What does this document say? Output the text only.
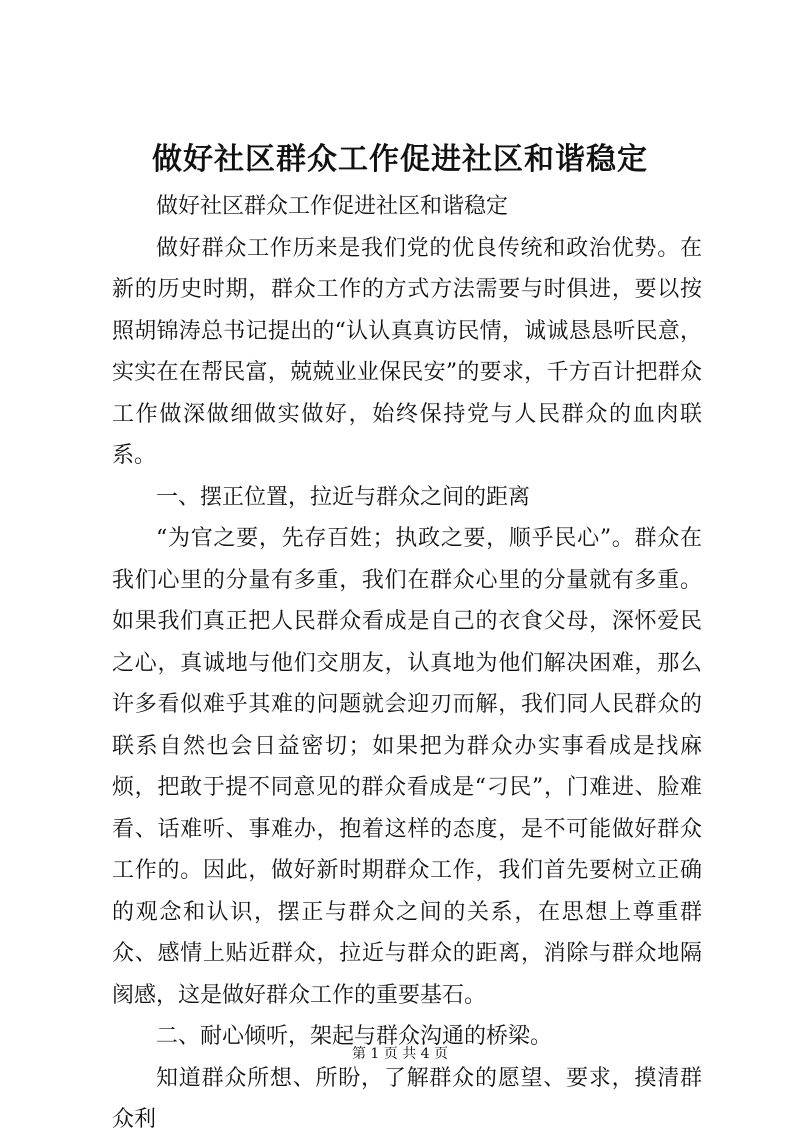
做好社区群众工作促进社区和谐稳定

做好社区群众工作促进社区和谐稳定

做好群众工作历来是我们党的优良传统和政治优势。在新的历史时期，群众工作的方式方法需要与时俱进，要以按照胡锦涛总书记提出的“认认真真访民情，诚诚恳恳听民意，实实在在帮民富，兢兢业业保民安”的要求，千方百计把群众工作做深做细做实做好，始终保持党与人民群众的血肉联系。

一、摆正位置，拉近与群众之间的距离

“为官之要，先存百姓；执政之要，顺乎民心”。群众在我们心里的分量有多重，我们在群众心里的分量就有多重。如果我们真正把人民群众看成是自己的衣食父母，深怀爱民之心，真诚地与他们交朋友，认真地为他们解决困难，那么许多看似难乎其难的问题就会迎刃而解，我们同人民群众的联系自然也会日益密切；如果把为群众办实事看成是找麻烦，把敢于提不同意见的群众看成是“刁民”，门难进、脸难看、话难听、事难办，抱着这样的态度，是不可能做好群众工作的。因此，做好新时期群众工作，我们首先要树立正确的观念和认识，摆正与群众之间的关系，在思想上尊重群众、感情上贴近群众，拉近与群众的距离，消除与群众地隔阂感，这是做好群众工作的重要基石。

二、耐心倾听，架起与群众沟通的桥梁。

知道群众所想、所盼，了解群众的愿望、要求，摸清群众利

第 1 页 共 4 页
